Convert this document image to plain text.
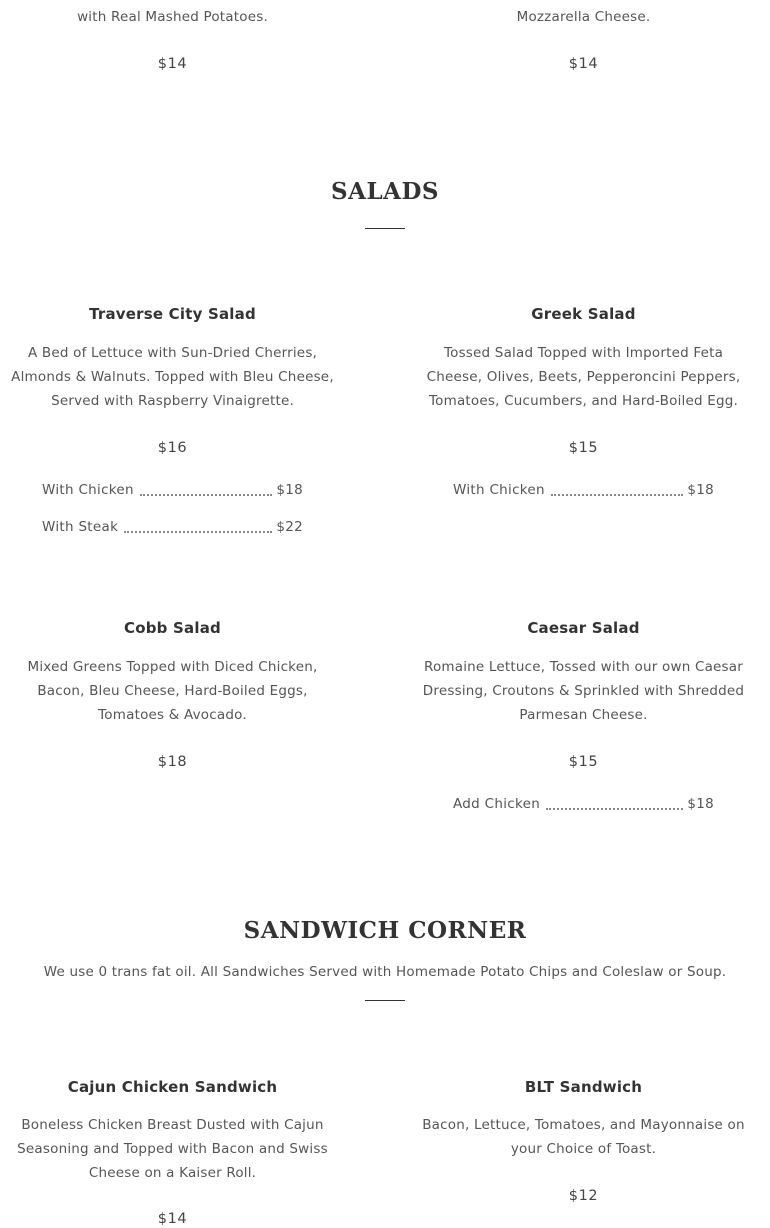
with Real Mashed Potatoes.
$14
Mozzarella Cheese.
$14
SALADS
Traverse City Salad
A Bed of Lettuce with Sun-Dried Cherries,
Almonds & Walnuts. Topped with Bleu Cheese,
Served with Raspberry Vinaigrette.
$16
With Chicken	$18
With Steak	$22
Greek Salad
Tossed Salad Topped with Imported Feta
Cheese, Olives, Beets, Pepperoncini Peppers,
Tomatoes, Cucumbers, and Hard-Boiled Egg.
$15
With Chicken	$18
Cobb Salad
Mixed Greens Topped with Diced Chicken,
Bacon, Bleu Cheese, Hard-Boiled Eggs,
Tomatoes & Avocado.
$18
Caesar Salad
Romaine Lettuce, Tossed with our own Caesar
Dressing, Croutons & Sprinkled with Shredded
Parmesan Cheese.
$15
Add Chicken	$18
SANDWICH CORNER
We use 0 trans fat oil. All Sandwiches Served with Homemade Potato Chips and Coleslaw or Soup.
Cajun Chicken Sandwich
Boneless Chicken Breast Dusted with Cajun
Seasoning and Topped with Bacon and Swiss
Cheese on a Kaiser Roll.
$14
BLT Sandwich
Bacon, Lettuce, Tomatoes, and Mayonnaise on
your Choice of Toast.
$12
